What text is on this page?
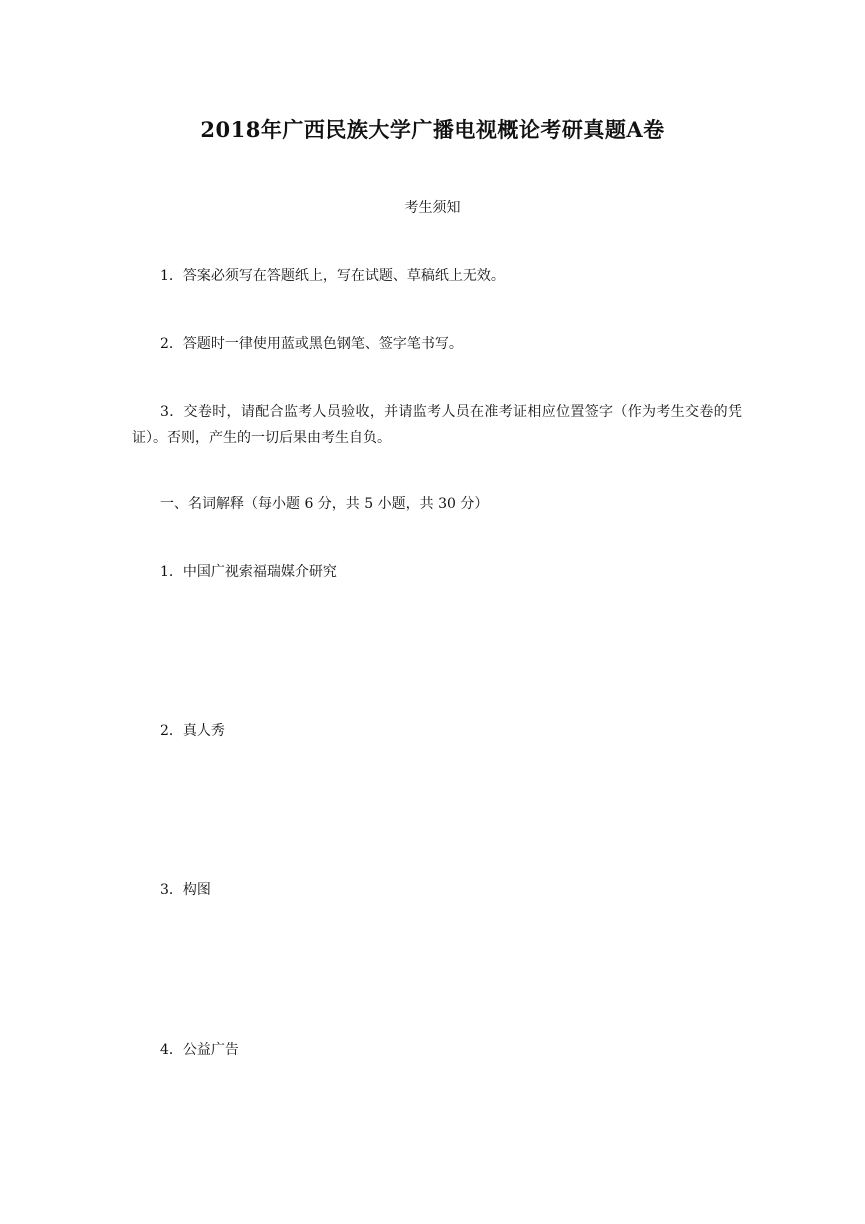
2018年广西民族大学广播电视概论考研真题A卷
考生须知
1．答案必须写在答题纸上，写在试题、草稿纸上无效。
2．答题时一律使用蓝或黑色钢笔、签字笔书写。
3．交卷时，请配合监考人员验收，并请监考人员在准考证相应位置签字（作为考生交卷的凭证）。否则，产生的一切后果由考生自负。
一、名词解释（每小题 6 分，共 5 小题，共 30 分）
1．中国广视索福瑞媒介研究
2．真人秀
3．构图
4．公益广告
